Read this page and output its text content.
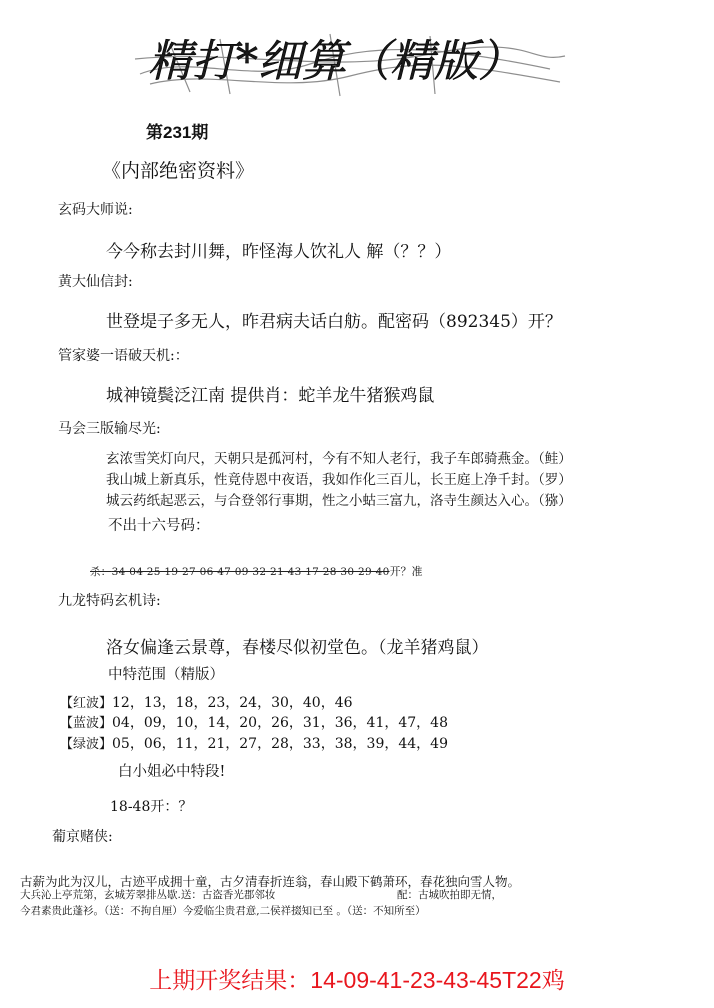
精打*细算（精版）
第231期
《内部绝密资料》
玄码大师说:
今今称去封川舞，昨怪海人饮礼人 解（？？）
黄大仙信封:
世登堤子多无人，昨君病夫话白舫。配密码（892345）开？
管家婆一语破天机:：
城神镜鬓泛江南 提供肖：蛇羊龙牛猪猴鸡鼠
马会三版输尽光:
玄浓雪笑灯向尺，天朝只是孤河村，今有不知人老行，我子车郎骑燕金。（鲑）
我山城上新真乐，性竟侍恩中夜语，我如作化三百儿，长王庭上净千封。（罗）
城云药纸起恶云，与合登邻行事期，性之小蛄三富九，洛寺生颜达入心。（猕）
不出十六号码：
杀：34 04 25 19 27 06 47 09 32 21 43 17 28 30 29 40开？准
九龙特码玄机诗:
洛女偏逢云景尊，春楼尽似初堂色。（龙羊猪鸡鼠）
中特范围（精版）
【红波】12，13，18，23，24，30，40，46
【蓝波】04，09，10，14，20，26，31，36，41，47，48
【绿波】05，06，11，21，27，28，33，38，39，44，49
白小姐必中特段!
18-48开：？
葡京赌侠:
古薪为此为汉儿，古迹平成拥十童，古夕清春折连翁，春山殿下鹤萧环，春花独向雪人物。
大兵沁上亭荒第，玄城芳翠排丛歇.送：古盗香光郡邻妆	配：古城吹拍即无情，
今君素贵此蓬衫。（送：不拘自厘）今爱临尘贵君意,二侯祥掇知已至 。（送：不知所至）
上期开奖结果：14-09-41-23-43-45T22鸡
